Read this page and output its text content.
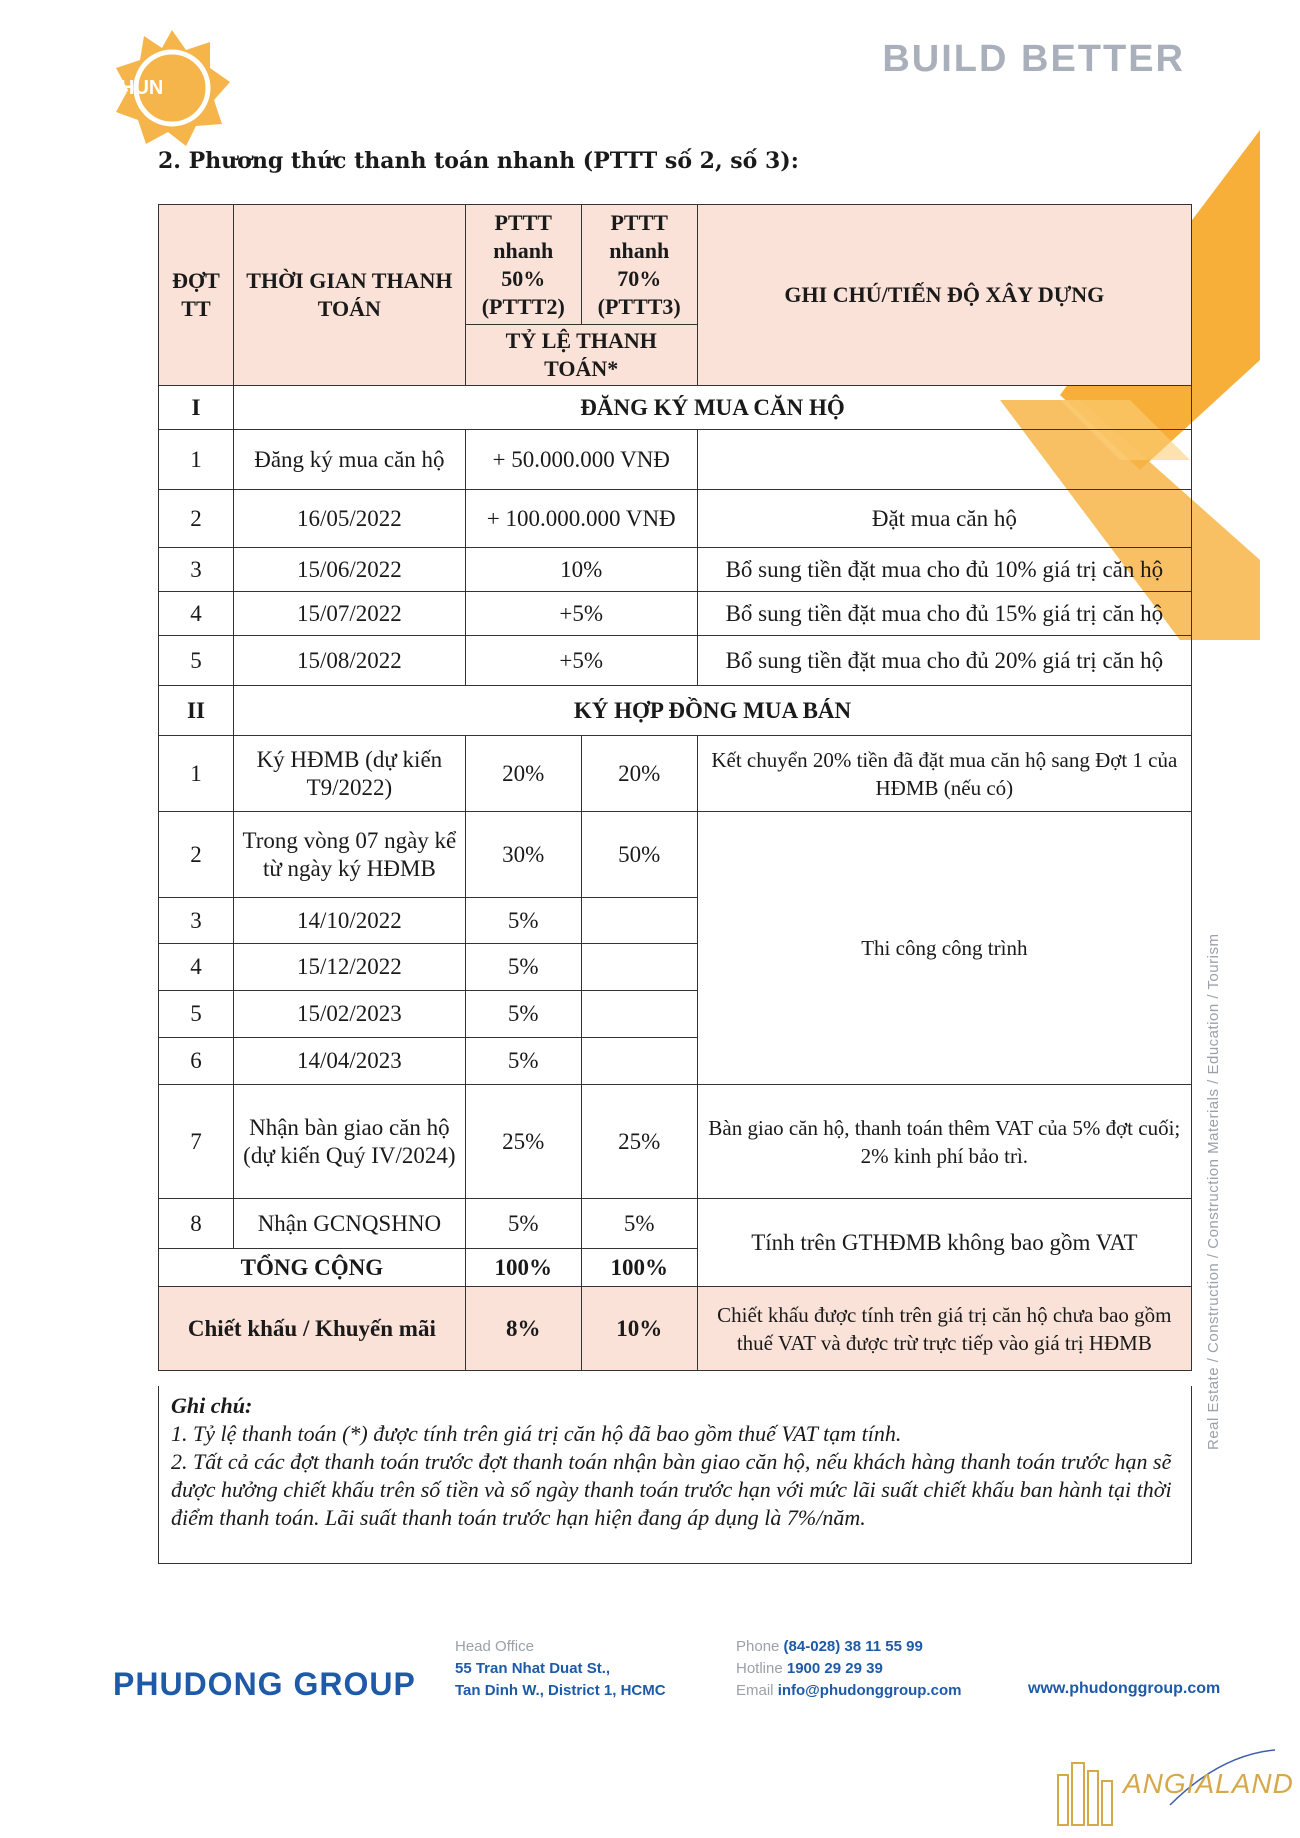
HUN
BUILD BETTER
2. Phương thức thanh toán nhanh (PTTT số 2, số 3):
ĐỢT TT	THỜI GIAN THANH TOÁN	PTTT nhanh 50% (PTTT2)	PTTT nhanh 70% (PTTT3)	GHI CHÚ/TIẾN ĐỘ XÂY DỰNG
		TỶ LỆ THANH TOÁN*		
I	ĐĂNG KÝ MUA CĂN HỘ			
1	Đăng ký mua căn hộ	+ 50.000.000 VNĐ		
2	16/05/2022	+ 100.000.000 VNĐ		Đặt mua căn hộ
3	15/06/2022	10%		Bổ sung tiền đặt mua cho đủ 10% giá trị căn hộ
4	15/07/2022	+5%		Bổ sung tiền đặt mua cho đủ 15% giá trị căn hộ
5	15/08/2022	+5%		Bổ sung tiền đặt mua cho đủ 20% giá trị căn hộ
II	KÝ HỢP ĐỒNG MUA BÁN			
1	Ký HĐMB (dự kiến T9/2022)	20%	20%	Kết chuyển 20% tiền đã đặt mua căn hộ sang Đợt 1 của HĐMB (nếu có)
2	Trong vòng 07 ngày kể từ ngày ký HĐMB	30%	50%	Thi công công trình
3	14/10/2022	5%		
4	15/12/2022	5%		
5	15/02/2023	5%		
6	14/04/2023	5%		
7	Nhận bàn giao căn hộ (dự kiến Quý IV/2024)	25%	25%	Bàn giao căn hộ, thanh toán thêm VAT của 5% đợt cuối; 2% kinh phí bảo trì.
8	Nhận GCNQSHNO	5%	5%	Tính trên GTHĐMB không bao gồm VAT
TỔNG CỘNG		100%	100%	
Chiết khấu / Khuyến mãi		8%	10%	Chiết khấu được tính trên giá trị căn hộ chưa bao gồm thuế VAT và được trừ trực tiếp vào giá trị HĐMB
Ghi chú:
1. Tỷ lệ thanh toán (*) được tính trên giá trị căn hộ đã bao gồm thuế VAT tạm tính.
2. Tất cả các đợt thanh toán trước đợt thanh toán nhận bàn giao căn hộ, nếu khách hàng thanh toán trước hạn sẽ được hưởng chiết khấu trên số tiền và số ngày thanh toán trước hạn với mức lãi suất chiết khấu ban hành tại thời điểm thanh toán. Lãi suất thanh toán trước hạn hiện đang áp dụng là 7%/năm.
Real Estate / Construction / Construction Materials / Education / Tourism
PHUDONG GROUP
Head Office
55 Tran Nhat Duat St.,
Tan Dinh W., District 1, HCMC
Phone (84-028) 38 11 55 99
Hotline 1900 29 29 39
Email info@phudonggroup.com	www.phudonggroup.com
ANGIALAND
